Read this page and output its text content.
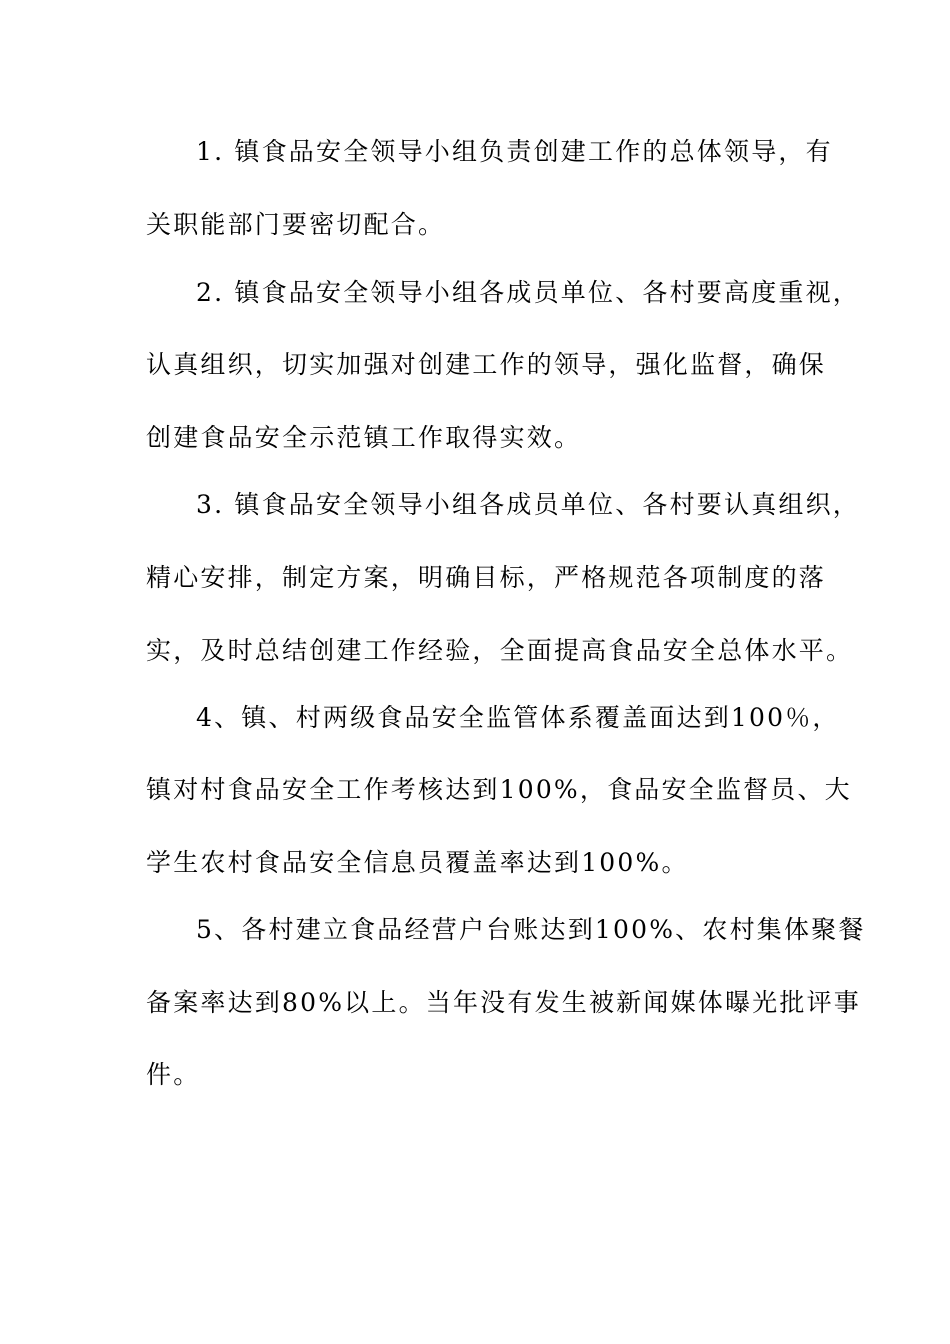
1. 镇食品安全领导小组负责创建工作的总体领导，有
关职能部门要密切配合。
2. 镇食品安全领导小组各成员单位、各村要高度重视，
认真组织，切实加强对创建工作的领导，强化监督，确保
创建食品安全示范镇工作取得实效。
3. 镇食品安全领导小组各成员单位、各村要认真组织，
精心安排，制定方案，明确目标，严格规范各项制度的落
实，及时总结创建工作经验，全面提高食品安全总体水平。
4、镇、村两级食品安全监管体系覆盖面达到100％，
镇对村食品安全工作考核达到100%，食品安全监督员、大
学生农村食品安全信息员覆盖率达到100%。
5、各村建立食品经营户台账达到100%、农村集体聚餐
备案率达到80%以上。当年没有发生被新闻媒体曝光批评事
件。
